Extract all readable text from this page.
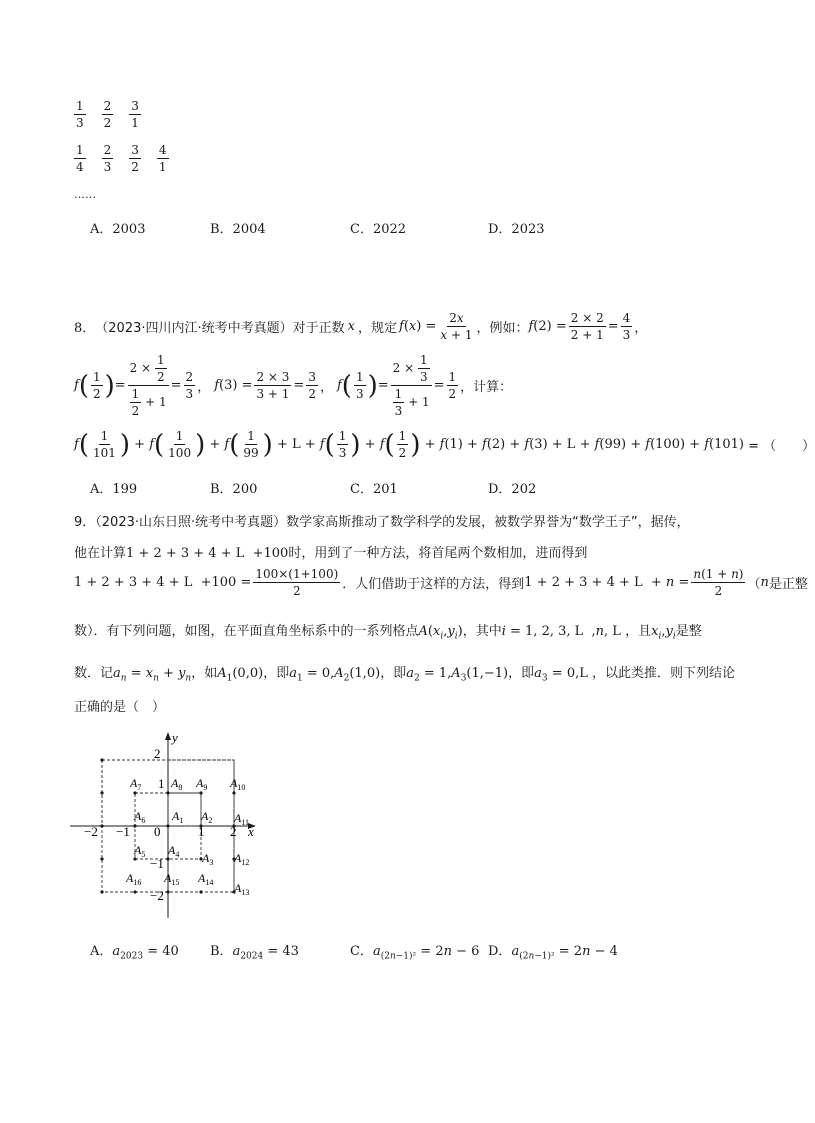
$\frac{1}{3} \frac{2}{2} \frac{3}{1}$
$\frac{1}{4} \frac{2}{3} \frac{3}{2} \frac{4}{1}$
……
A．2003	B．2004	C．2022	D．2023
8． （2023·四川内江·统考中考真题） 对于正数 x ，规定 f ( x ) = $\frac{2x}{x + 1}$ ，例如： f $(2) = \frac{2 \times 2}{2 + 1} = \frac{4}{3}$ ，
f ( $\frac{1}{2}$ ) = $\frac{2 \times \frac{1}{2}}{\frac{1}{2} + 1} = \frac{2}{3}$ ， f $(3) = \frac{2 \times 3}{3 + 1} = \frac{3}{2}$ ， f ( $\frac{1}{3}$ ) = $\frac{2 \times \frac{1}{3}}{\frac{1}{3} + 1} = \frac{1}{2}$ ，计算：
f ( $\frac{1}{101}$ ) + f ( $\frac{1}{100}$ ) + f ( $\frac{1}{99}$ ) + L + f ( $\frac{1}{3}$ ) + f ( $\frac{1}{2}$ ) + f (1) + f (2) + f (3) + L + f (99) + f (100) + f (101) = （　　）
A．199	B．200	C．201	D．202
9．（2023·山东日照·统考中考真题）数学家高斯推动了数学科学的发展，被数学界誉为“数学王子”，据传，
他在计算1 + 2 + 3 + 4 + L  +100时，用到了一种方法，将首尾两个数相加，进而得到
$1 + 2 + 3 + 4 + L +100 = \frac{100\times(1+100)}{2}$ ．人们借助于这样的方法，得到 $1 + 2 + 3 + 4 + L + n = \frac{n(1 + n)}{2}$ （ n 是正整
数）．有下列问题，如图，在平面直角坐标系中的一系列格点$A(x_i,y_i)$，其中i = 1, 2, 3, L  ,n, L ，且$x_i,y_i$是整
数．记$a_n = x_n + y_n$，如$A_1(0,0)$，即$a_1 = 0,A_2(1,0)$，即$a_2 = 1,A_3(1,-1)$，即$a_3 = 0,L$ ，以此类推．则下列结论
正确的是（　）
x
y
−2 −1 0	1 2
2
1
−1
−2
$A_1$ $A_2$
$A_3$
$A_4$
$A_5$
$A_6$
$A_7$ $A_8$ $A_9$ $A_{10}$
$A_{11}$
$A_{12}$
$A_{13}$
$A_{14}$
$A_{15}$
$A_{16}$
A．$a_{2023} = 40$ B．$a_{2024} = 43$	C．$a_{(2n-1)^2} = 2n - 6$ D．$a_{(2n-1)^2} = 2n - 4$
